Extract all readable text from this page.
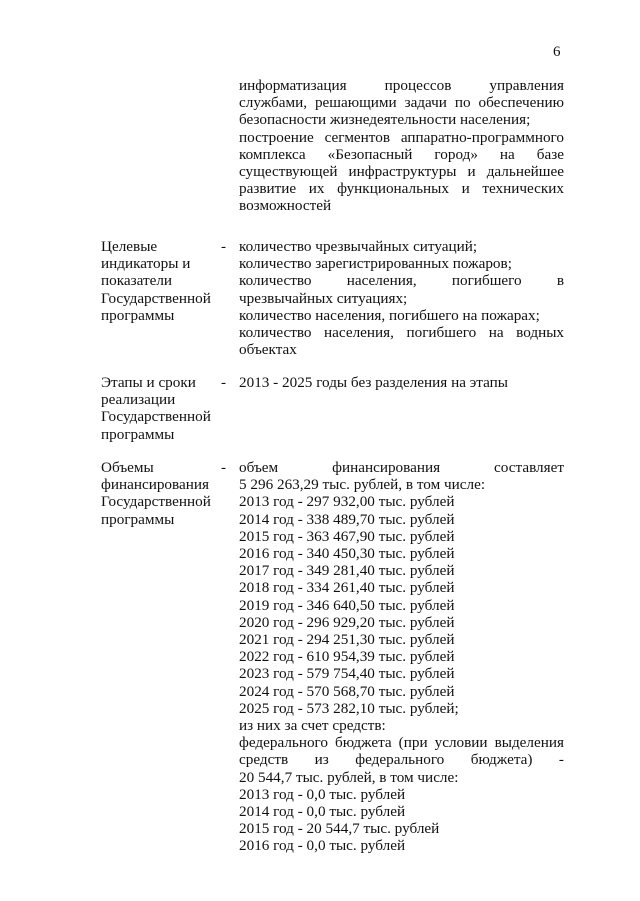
6

информатизация процессов управления службами, решающими задачи по обеспечению безопасности жизнедеятельности населения;

построение сегментов аппаратно-программного комплекса «Безопасный город» на базе существующей инфраструктуры и дальнейшее развитие их функциональных и технических возможностей

Целевые индикаторы и показатели Государственной программы
- количество чрезвычайных ситуаций;

количество зарегистрированных пожаров;

количество населения, погибшего в чрезвычайных ситуациях;

количество населения, погибшего на пожарах;

количество населения, погибшего на водных объектах

Этапы и сроки реализации Государственной программы
- 2013 - 2025 годы без разделения на этапы

Объемы финансирования Государственной программы
- объем финансирования составляет

5 296 263,29 тыс. рублей, в том числе:

2013 год - 297 932,00 тыс. рублей

2014 год - 338 489,70 тыс. рублей

2015 год - 363 467,90 тыс. рублей

2016 год - 340 450,30 тыс. рублей

2017 год - 349 281,40 тыс. рублей

2018 год - 334 261,40 тыс. рублей

2019 год - 346 640,50 тыс. рублей

2020 год - 296 929,20 тыс. рублей

2021 год - 294 251,30 тыс. рублей

2022 год - 610 954,39 тыс. рублей

2023 год - 579 754,40 тыс. рублей

2024 год - 570 568,70 тыс. рублей

2025 год - 573 282,10 тыс. рублей;

из них за счет средств:

федерального бюджета (при условии выделения

средств из федерального бюджета) -

20 544,7 тыс. рублей, в том числе:

2013 год - 0,0 тыс. рублей

2014 год - 0,0 тыс. рублей

2015 год - 20 544,7 тыс. рублей

2016 год - 0,0 тыс. рублей
